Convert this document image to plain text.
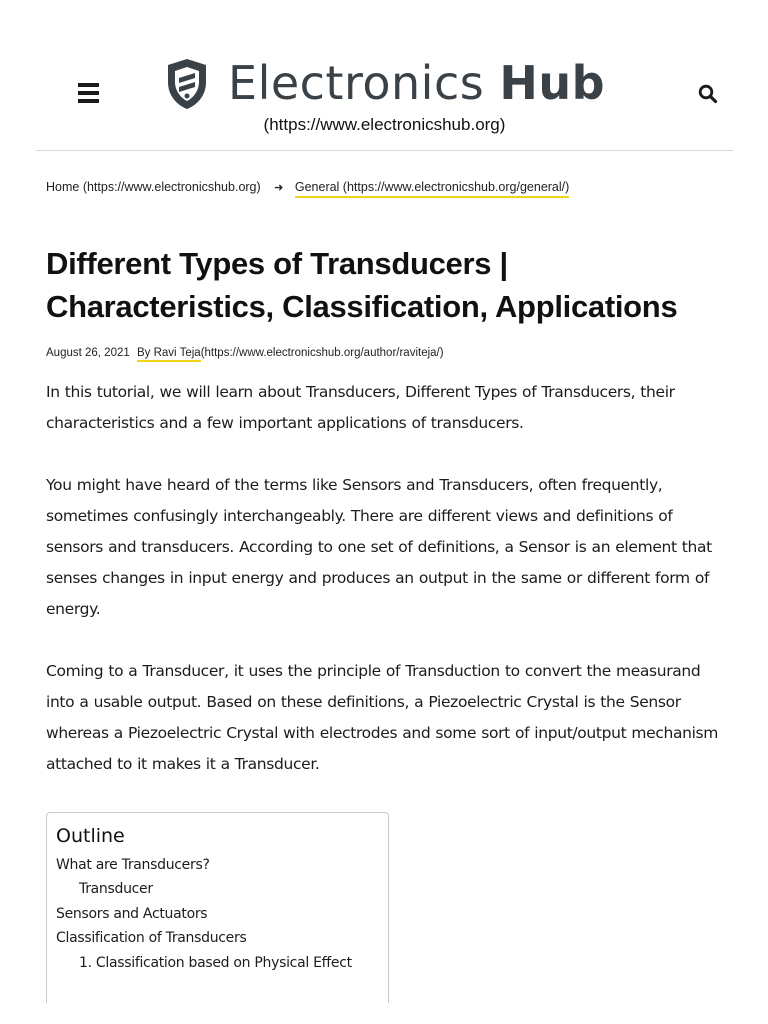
Electronics Hub
(https://www.electronicshub.org)
Home (https://www.electronicshub.org) ➜ General (https://www.electronicshub.org/general/)
Different Types of Transducers | Characteristics, Classification, Applications
August 26, 2021 By Ravi Teja(https://www.electronicshub.org/author/raviteja/)

In this tutorial, we will learn about Transducers, Different Types of Transducers, their characteristics and a few important applications of transducers.

You might have heard of the terms like Sensors and Transducers, often frequently, sometimes confusingly interchangeably. There are different views and definitions of sensors and transducers. According to one set of definitions, a Sensor is an element that senses changes in input energy and produces an output in the same or different form of energy.

Coming to a Transducer, it uses the principle of Transduction to convert the measurand into a usable output. Based on these definitions, a Piezoelectric Crystal is the Sensor whereas a Piezoelectric Crystal with electrodes and some sort of input/output mechanism attached to it makes it a Transducer.

Outline
What are Transducers?
Transducer
Sensors and Actuators
Classification of Transducers
1. Classification based on Physical Effect
